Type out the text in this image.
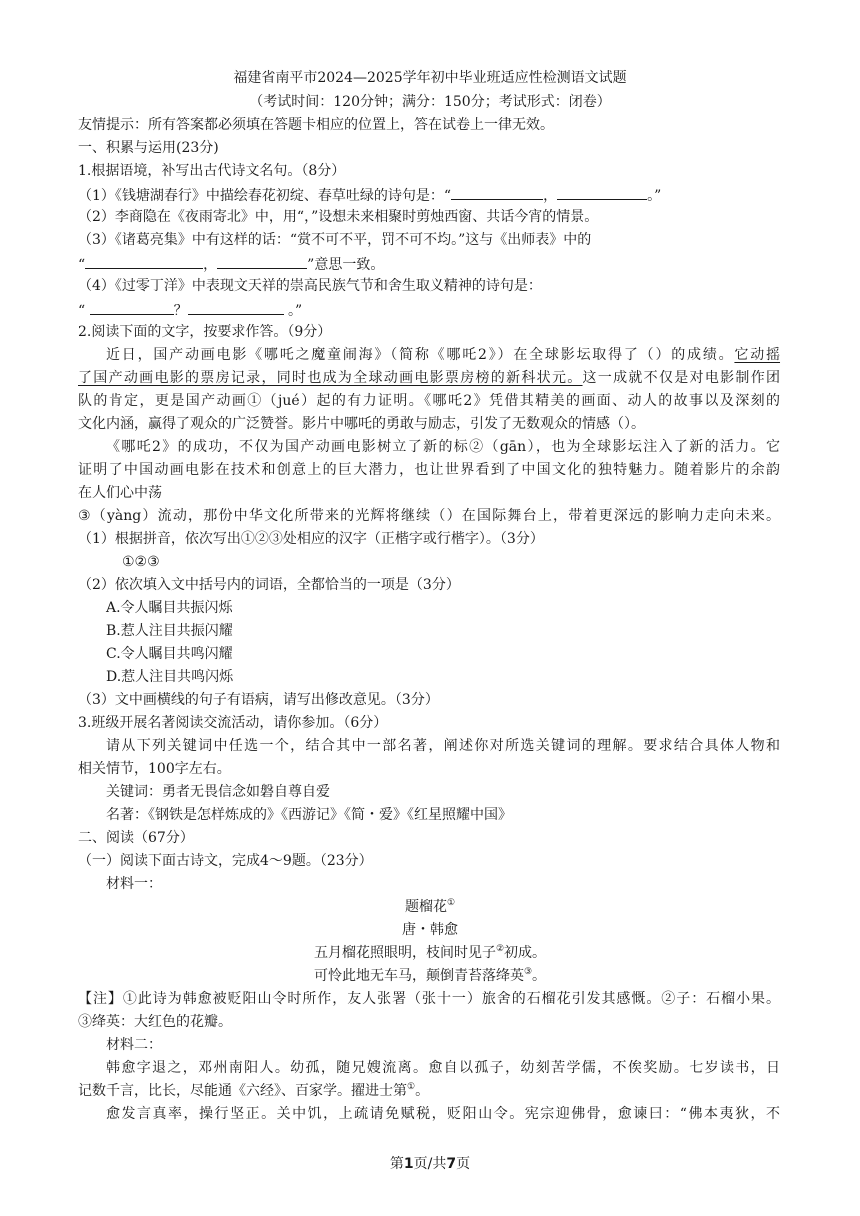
福建省南平市2024—2025学年初中毕业班适应性检测语文试题
（考试时间：120分钟；满分：150分；考试形式：闭卷）
友情提示：所有答案都必须填在答题卡相应的位置上，答在试卷上一律无效。
一、积累与运用(23分)
1.根据语境，补写出古代诗文名句。（8分）
（1）《钱塘湖春行》中描绘春花初绽、春草吐绿的诗句是：“	，	。”
（2）李商隐在《夜雨寄北》中，用“，”设想未来相聚时剪烛西窗、共话今宵的情景。
（3）《诸葛亮集》中有这样的话：“赏不可不平，罚不可不均。”这与《出师表》中的
“	，	”意思一致。
（4）《过零丁洋》中表现文天祥的崇高民族气节和舍生取义精神的诗句是：
“	？	。”
2.阅读下面的文字，按要求作答。（9分）
近日，国产动画电影《哪吒之魔童闹海》（简称《哪吒2》）在全球影坛取得了（）的成绩。它动摇
了国产动画电影的票房记录，同时也成为全球动画电影票房榜的新科状元。这一成就不仅是对电影制作团
队的肯定，更是国产动画①（jué）起的有力证明。《哪吒2》凭借其精美的画面、动人的故事以及深刻的
文化内涵，赢得了观众的广泛赞誉。影片中哪吒的勇敢与励志，引发了无数观众的情感（）。
《哪吒2》的成功，不仅为国产动画电影树立了新的标②（gān），也为全球影坛注入了新的活力。它
证明了中国动画电影在技术和创意上的巨大潜力，也让世界看到了中国文化的独特魅力。随着影片的余韵
在人们心中荡
③（yàng）流动，那份中华文化所带来的光辉将继续（）在国际舞台上，带着更深远的影响力走向未来。
（1）根据拼音，依次写出①②③处相应的汉字（正楷字或行楷字）。（3分）
①②③
（2）依次填入文中括号内的词语，全都恰当的一项是（3分）
A.令人瞩目共振闪烁
B.惹人注目共振闪耀
C.令人瞩目共鸣闪耀
D.惹人注目共鸣闪烁
（3）文中画横线的句子有语病，请写出修改意见。（3分）
3.班级开展名著阅读交流活动，请你参加。（6分）
请从下列关键词中任选一个，结合其中一部名著，阐述你对所选关键词的理解。要求结合具体人物和
相关情节，100字左右。
关键词：勇者无畏信念如磐自尊自爱
名著：《钢铁是怎样炼成的》《西游记》《简・爱》《红星照耀中国》
二、阅读（67分）
（一）阅读下面古诗文，完成4～9题。（23分）
材料一：
题榴花①
唐・韩愈
五月榴花照眼明，枝间时见子②初成。
可怜此地无车马，颠倒青苔落绛英③。
【注】①此诗为韩愈被贬阳山令时所作，友人张署（张十一）旅舍的石榴花引发其感慨。②子：石榴小果。
③绛英：大红色的花瓣。
材料二：
韩愈字退之，邓州南阳人。幼孤，随兄嫂流离。愈自以孤子，幼刻苦学儒，不俟奖励。七岁读书，日
记数千言，比长，尽能通《六经》、百家学。擢进士第①。
愈发言真率，操行坚正。关中饥，上疏请免赋税，贬阳山令。宪宗迎佛骨，愈谏曰：“佛本夷狄，不
第1页/共7页
